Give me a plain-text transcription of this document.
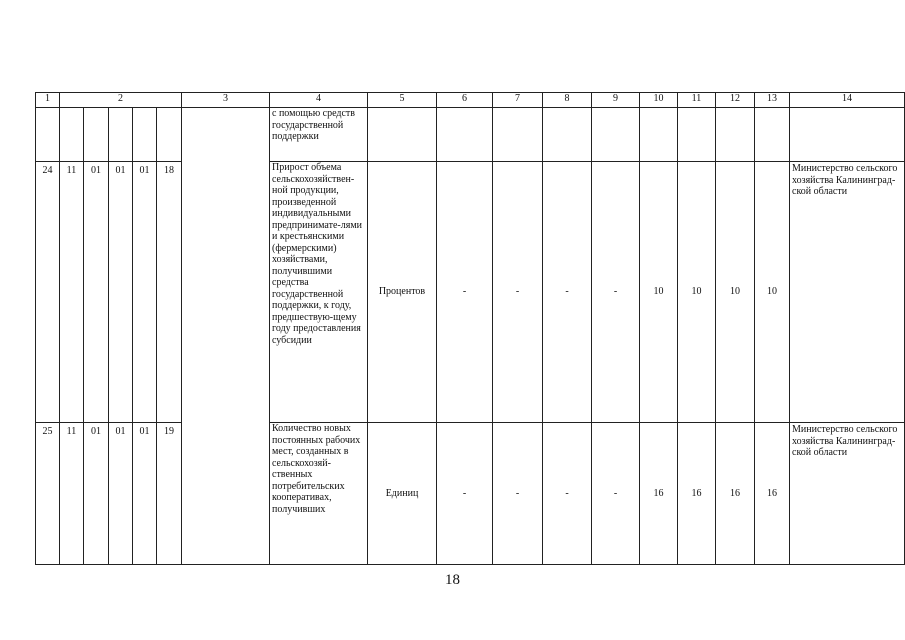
1	2					3	4	5	6	7	8	9	10	11	12	13	14

							с помощью средств государственной поддержки										

24	11	01	01	01	18		Прирост объема сельскохозяйствен-ной продукции, произведенной индивидуальными предпринимате-лями и крестьянскими (фермерскими) хозяйствами, получившими средства государственной поддержки, к году, предшествую-щему году предоставления субсидии	Процентов	-	-	-	-	10	10	10	10	Министерство сельского хозяйства Калининград-ской области

25	11	01	01	01	19		Количество новых постоянных рабочих мест, созданных в сельскохозяй-ственных потребительских кооперативах, получивших	Единиц	-	-	-	-	16	16	16	16	Министерство сельского хозяйства Калининград-ской области
18
